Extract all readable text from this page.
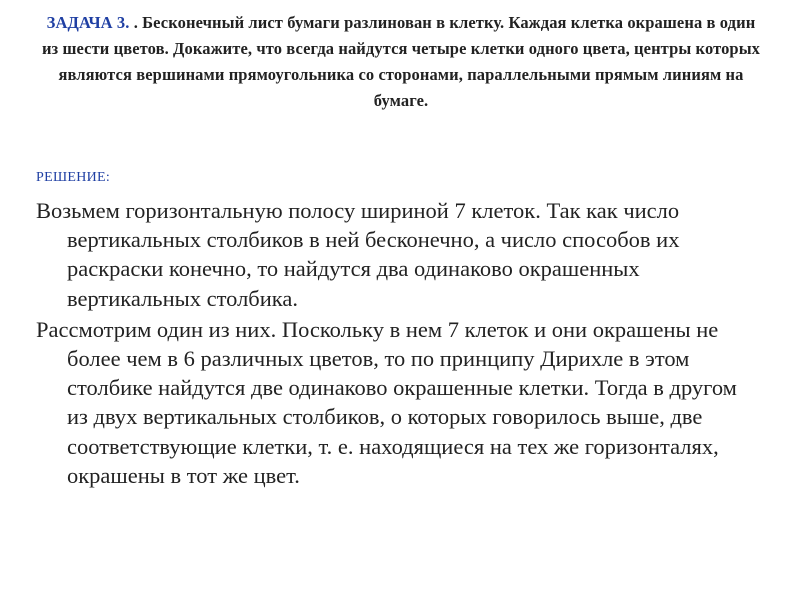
ЗАДАЧА 3. . Бесконечный лист бумаги разлинован в клетку. Каждая клетка окрашена в один из шести цветов. Докажите, что всегда найдутся четыре клетки одного цвета, центры которых являются вершинами прямоугольника со сторонами, параллельными прямым линиям на бумаге.
РЕШЕНИЕ:

Возьмем горизонтальную полосу шириной 7 клеток. Так как число вертикальных столбиков в ней бесконечно, а число способов их раскраски конечно, то найдутся два одинаково окрашенных вертикальных столбика.

Рассмотрим один из них. Поскольку в нем 7 клеток и они окрашены не более чем в 6 различных цветов, то по принципу Дирихле в этом столбике найдутся две одинаково окрашенные клетки. Тогда в другом из двух вертикальных столбиков, о которых говорилось выше, две соответствующие клетки, т. е. находящиеся на тех же горизонталях, окрашены в тот же цвет.
